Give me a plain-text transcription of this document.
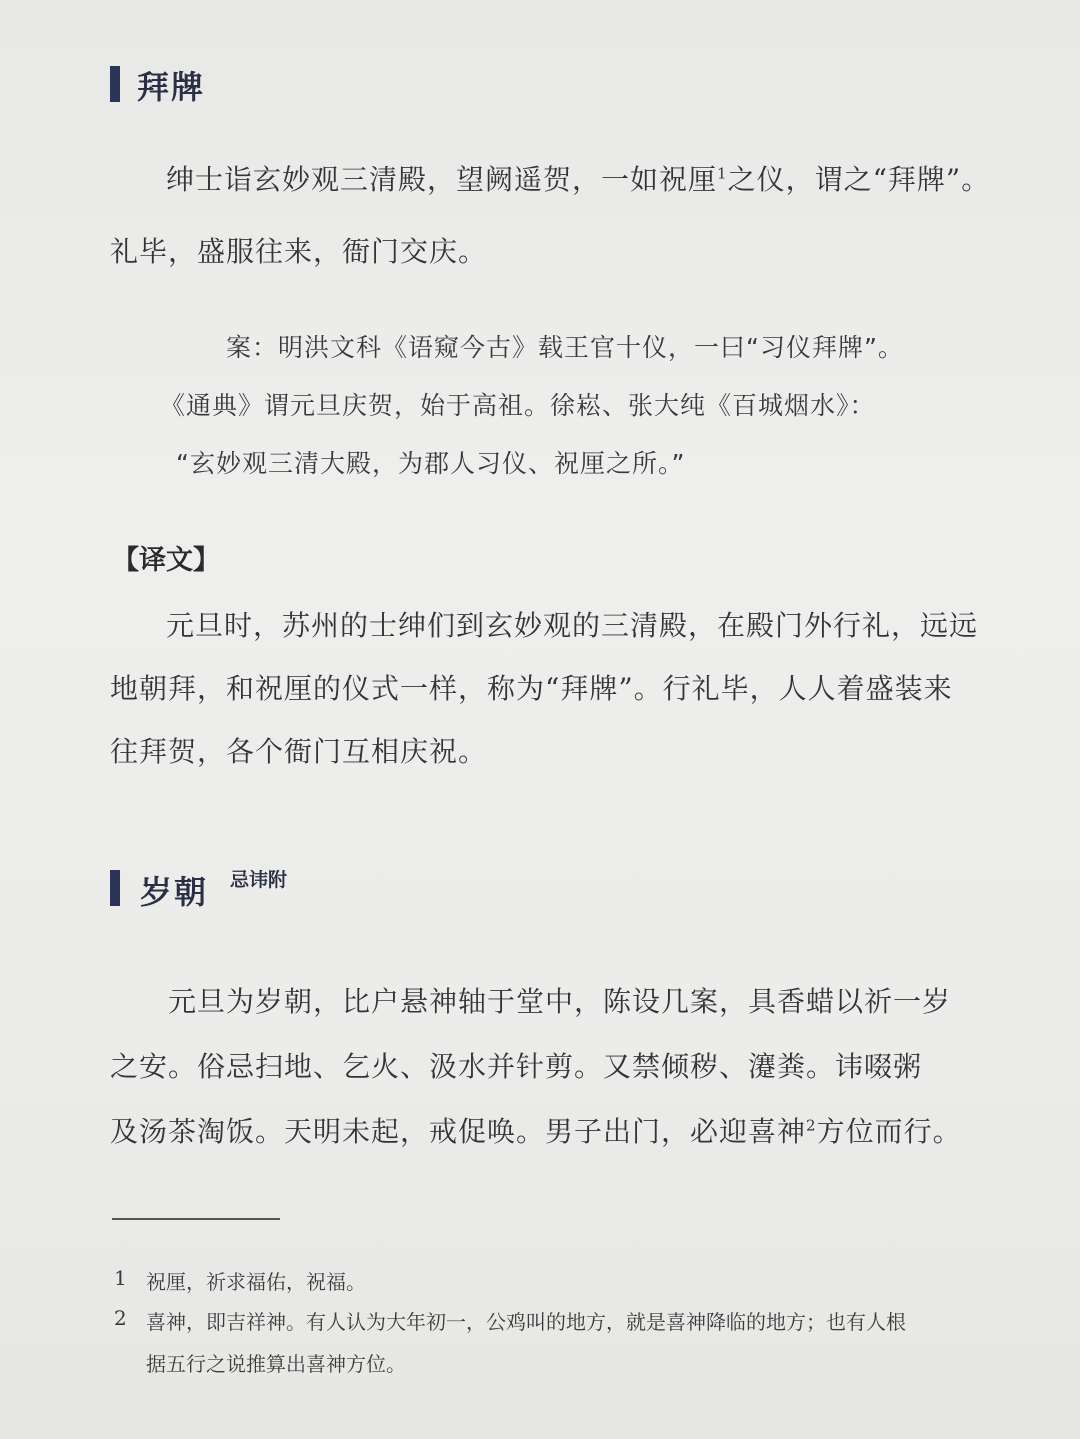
拜牌
绅士诣玄妙观三清殿，望阙遥贺，一如祝厘$^1$之仪，谓之“拜牌”。
礼毕，盛服往来，衙门交庆。
案：明洪文科《语窥今古》载王官十仪，一曰“习仪拜牌”。
《通典》谓元旦庆贺，始于高祖。徐崧、张大纯《百城烟水》：
“玄妙观三清大殿，为郡人习仪、祝厘之所。”
【译文】
元旦时，苏州的士绅们到玄妙观的三清殿，在殿门外行礼，远远
地朝拜，和祝厘的仪式一样，称为“拜牌”。行礼毕，人人着盛装来
往拜贺，各个衙门互相庆祝。
岁朝 忌讳附
元旦为岁朝，比户悬神轴于堂中，陈设几案，具香蜡以祈一岁
之安。俗忌扫地、乞火、汲水并针剪。又禁倾秽、瀽粪。讳啜粥
及汤茶淘饭。天明未起，戒促唤。男子出门，必迎喜神$^2$方位而行。
1 祝厘，祈求福佑，祝福。
2 喜神，即吉祥神。有人认为大年初一，公鸡叫的地方，就是喜神降临的地方；也有人根
据五行之说推算出喜神方位。
